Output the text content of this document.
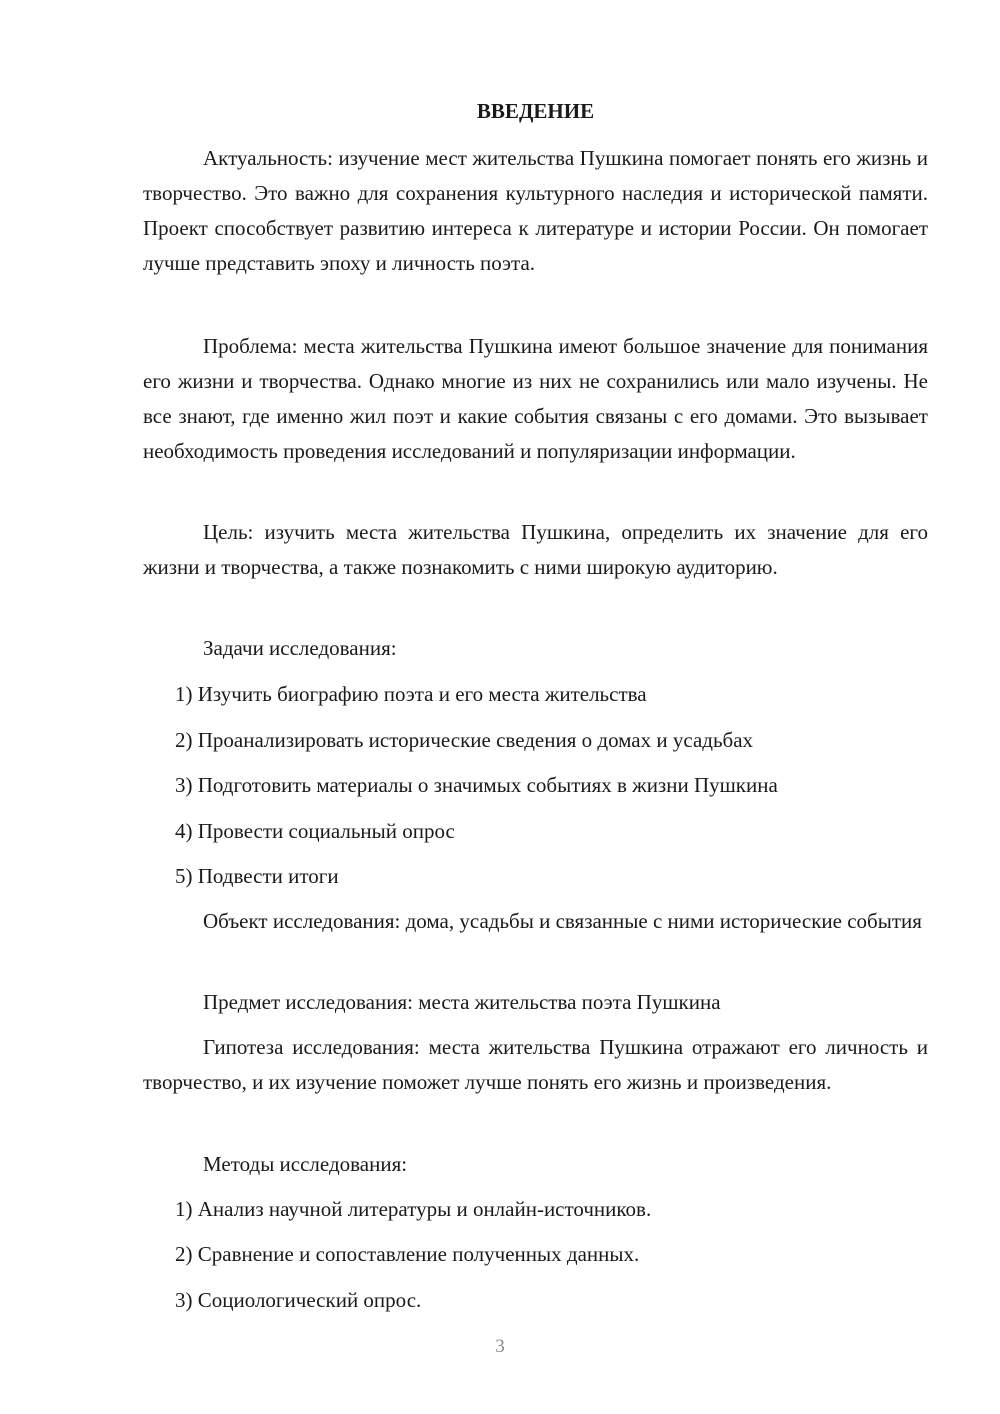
ВВЕДЕНИЕ

Актуальность: изучение мест жительства Пушкина помогает понять его жизнь и творчество. Это важно для сохранения культурного наследия и исторической памяти. Проект способствует развитию интереса к литературе и истории России. Он помогает лучше представить эпоху и личность поэта.

Проблема: места жительства Пушкина имеют большое значение для понимания его жизни и творчества. Однако многие из них не сохранились или мало изучены. Не все знают, где именно жил поэт и какие события связаны с его домами. Это вызывает необходимость проведения исследований и популяризации информации.

Цель: изучить места жительства Пушкина, определить их значение для его жизни и творчества, а также познакомить с ними широкую аудиторию.

Задачи исследования:

1) Изучить биографию поэта и его места жительства
2) Проанализировать исторические сведения о домах и усадьбах
3) Подготовить материалы о значимых событиях в жизни Пушкина
4) Провести социальный опрос
5) Подвести итоги

Объект исследования: дома, усадьбы и связанные с ними исторические события

Предмет исследования: места жительства поэта Пушкина

Гипотеза исследования: места жительства Пушкина отражают его личность и творчество, и их изучение поможет лучше понять его жизнь и произведения.

Методы исследования:

1) Анализ научной литературы и онлайн-источников.
2) Сравнение и сопоставление полученных данных.
3) Социологический опрос.
3
